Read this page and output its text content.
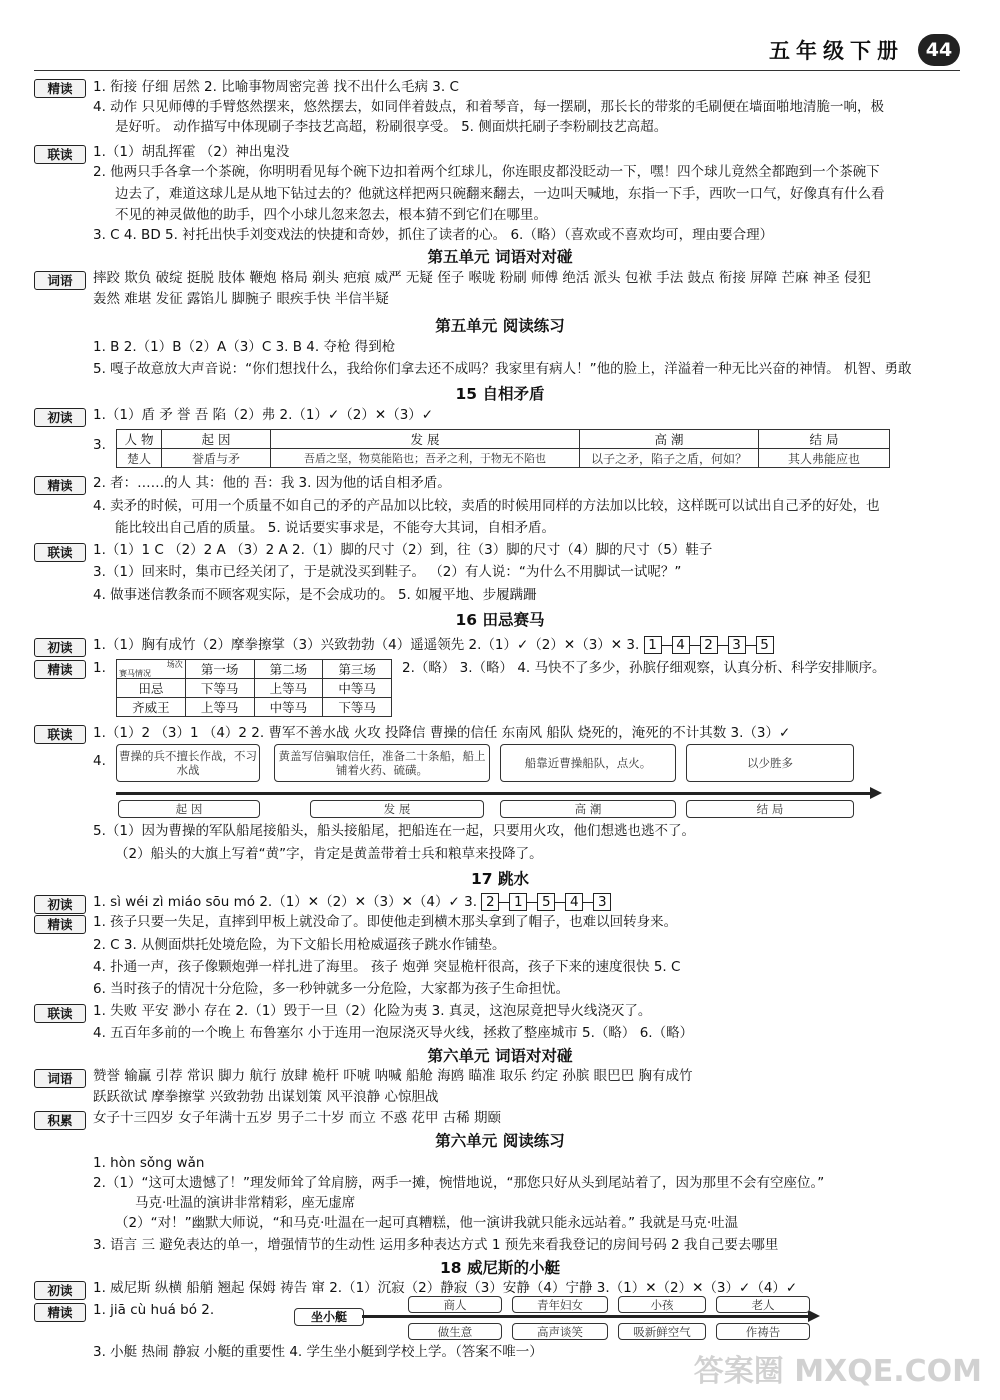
五年级下册	44
精读	1. 衔接 仔细 居然 2. 比喻事物周密完善 找不出什么毛病 3. C
4. 动作 只见师傅的手臂悠然摆来，悠然摆去，如同伴着鼓点，和着琴音，每一摆刷，那长长的带浆的毛刷便在墙面啪地清脆一响，极
是好听。 动作描写中体现刷子李技艺高超，粉刷很享受。 5. 侧面烘托刷子李粉刷技艺高超。
联读	1.（1）胡乱挥霍 （2）神出鬼没
2. 他两只手各拿一个茶碗，你明明看见每个碗下边扣着两个红球儿，你连眼皮都没眨动一下，嘿！四个球儿竟然全都跑到一个茶碗下
边去了，难道这球儿是从地下钻过去的？他就这样把两只碗翻来翻去，一边叫天喊地，东指一下手，西吹一口气，好像真有什么看
不见的神灵做他的助手，四个小球儿忽来忽去，根本猜不到它们在哪里。
3. C 4. BD 5. 衬托出快手刘变戏法的快捷和奇妙，抓住了读者的心。 6.（略）（喜欢或不喜欢均可，理由要合理）
第五单元 词语对对碰
词语	摔跤 欺负 破绽 挺脱 肢体 鞭炮 格局 剃头 疤痕 威严 无疑 侄子 喉咙 粉刷 师傅 绝活 派头 包袱 手法 鼓点 衔接 屏障 芒麻 神圣 侵犯
轰然 难堪 发征 露馅儿 脚腕子 眼疾手快 半信半疑
第五单元 阅读练习
1. B 2.（1）B（2）A（3）C 3. B 4. 夺枪 得到枪
5. 嘎子故意放大声音说：“你们想找什么，我给你们拿去还不成吗？我家里有病人！”他的脸上，洋溢着一种无比兴奋的神情。 机智、勇敢
15 自相矛盾
初读	1.（1）盾 矛 誉 吾 陷（2）弗 2.（1）✓（2）✕（3）✓
3.	人 物	起 因	发 展	高 潮	结 局
楚人	誉盾与矛	吾盾之坚，物莫能陷也；吾矛之利，于物无不陷也	以子之矛，陷子之盾，何如？	其人弗能应也
精读	2. 者：……的人 其：他的 吾：我 3. 因为他的话自相矛盾。
4. 卖矛的时候，可用一个质量不如自己的矛的产品加以比较，卖盾的时候用同样的方法加以比较，这样既可以试出自己矛的好处，也
能比较出自己盾的质量。 5. 说话要实事求是，不能夸大其词，自相矛盾。
联读	1.（1）1 C （2）2 A （3）2 A 2.（1）脚的尺寸（2）到，往（3）脚的尺寸（4）脚的尺寸（5）鞋子
3.（1）回来时，集市已经关闭了，于是就没买到鞋子。 （2）有人说：“为什么不用脚试一试呢？”
4. 做事迷信教条而不顾客观实际，是不会成功的。 5. 如履平地、步履蹒跚
16 田忌赛马
初读	1.（1）胸有成竹（2）摩拳擦掌（3）兴致勃勃（4）遥遥领先 2.（1）✓（2）✕（3）✕ 3. 1	4	2	3	5
精读	1.	场次
赛马情况	第一场	第二场	第三场
田忌	下等马	上等马	中等马
齐威王	上等马	中等马	下等马
2.（略） 3.（略） 4. 马快不了多少，孙膑仔细观察，认真分析、科学安排顺序。
联读	1.（1）2 （3）1 （4）2 2. 曹军不善水战 火攻 投降信 曹操的信任 东南风 船队 烧死的，淹死的不计其数 3.（3）✓
4. 曹操的兵不擅长作战，不习水战
黄盖写信骗取信任，准备二十条船，船上铺着火药、硫磺。	船靠近曹操船队，点火。	以少胜多
起 因	发 展	高 潮	结 局
5.（1）因为曹操的军队船尾接船头，船头接船尾，把船连在一起，只要用火攻，他们想逃也逃不了。
（2）船头的大旗上写着“黄”字，肯定是黄盖带着士兵和粮草来投降了。
17 跳水
初读	1. sì wéi zì miáo sōu mó 2.（1）✕（2）✕（3）✕（4）✓ 3. 2	1	5	4	3
精读	1. 孩子只要一失足，直摔到甲板上就没命了。即使他走到横木那头拿到了帽子，也难以回转身来。
2. C 3. 从侧面烘托处境危险，为下文船长用枪威逼孩子跳水作铺垫。
4. 扑通一声，孩子像颗炮弹一样扎进了海里。 孩子 炮弹 突显桅杆很高，孩子下来的速度很快 5. C
6. 当时孩子的情况十分危险，多一秒钟就多一分危险，大家都为孩子生命担忧。
联读	1. 失败 平安 渺小 存在 2.（1）毁于一旦（2）化险为夷 3. 真灵，这泡尿竟把导火线浇灭了。
4. 五百年多前的一个晚上 布鲁塞尔 小于连用一泡尿浇灭导火线，拯救了整座城市 5.（略） 6.（略）
第六单元 词语对对碰
词语	赞誉 输赢 引荐 常识 脚力 航行 放肆 桅杆 吓唬 呐喊 船舱 海鸥 瞄准 取乐 约定 孙膑 眼巴巴 胸有成竹
跃跃欲试 摩拳擦掌 兴致勃勃 出谋划策 风平浪静 心惊胆战
积累	女子十三四岁 女子年满十五岁 男子二十岁 而立 不惑 花甲 古稀 期颐
第六单元 阅读练习
1. hòn sǒng wǎn
2.（1）“这可太遗憾了！”理发师耸了耸肩膀，两手一摊，惋惜地说，“那您只好从头到尾站着了，因为那里不会有空座位。”
马克·吐温的演讲非常精彩，座无虚席
（2）“对！”幽默大师说，“和马克·吐温在一起可真糟糕，他一演讲我就只能永远站着。” 我就是马克·吐温
3. 语言 三 避免表达的单一，增强情节的生动性 运用多种表达方式 1 预先来看我登记的房间号码 2 我自己要去哪里
18 威尼斯的小艇
初读	1. 威尼斯 纵横 船艄 翘起 保姆 祷告 窜 2.（1）沉寂（2）静寂（3）安静（4）宁静 3.（1）✕（2）✕（3）✓（4）✓
精读	1. jiā cù huá bó 2.	坐小艇
商人	青年妇女	小孩	老人
做生意	高声谈笑	吸新鲜空气	作祷告
3. 小艇 热闹 静寂 小艇的重要性 4. 学生坐小艇到学校上学。（答案不唯一）
答案圈 MXQE.COM
